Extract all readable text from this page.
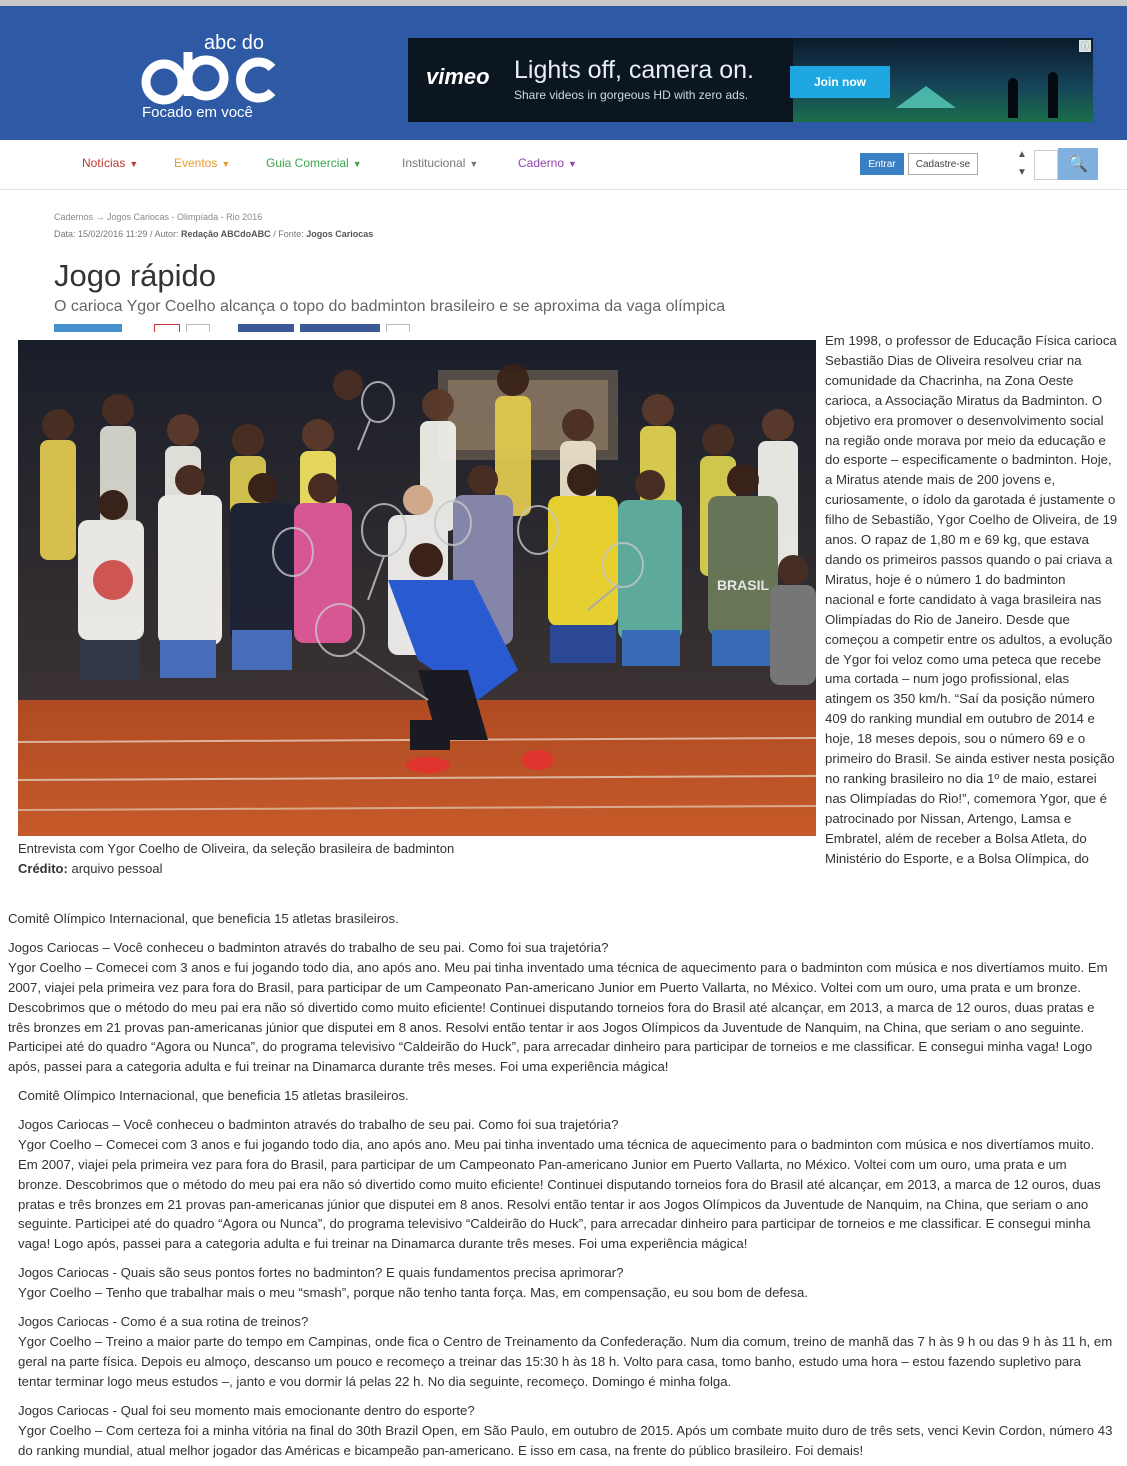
abc do
Focado em você
vimeo Lights off, camera on.
Share videos in gorgeous HD with zero ads.
Join now
ⓘ
Notícias ▼	Eventos ▼	Guia Comercial ▼	Institucional ▼	Caderno ▼	Entrar	Cadastre-se
▲
▼	🔍
Cadernos → Jogos Cariocas - Olimpíada - Rio 2016
Data: 15/02/2016 11:29 / Autor: Redação ABCdoABC / Fonte: Jogos Cariocas
Jogo rápido
O carioca Ygor Coelho alcança o topo do badminton brasileiro e se aproxima da vaga olímpica
BRASIL
Entrevista com Ygor Coelho de Oliveira, da seleção brasileira de badminton
Crédito: arquivo pessoal
Em 1998, o professor de Educação Física carioca Sebastião Dias de Oliveira resolveu criar na comunidade da Chacrinha, na Zona Oeste carioca, a Associação Miratus da Badminton. O objetivo era promover o desenvolvimento social na região onde morava por meio da educação e do esporte – especificamente o badminton. Hoje, a Miratus atende mais de 200 jovens e, curiosamente, o ídolo da garotada é justamente o filho de Sebastião, Ygor Coelho de Oliveira, de 19 anos. O rapaz de 1,80 m e 69 kg, que estava dando os primeiros passos quando o pai criava a Miratus, hoje é o número 1 do badminton nacional e forte candidato à vaga brasileira nas Olimpíadas do Rio de Janeiro. Desde que começou a competir entre os adultos, a evolução de Ygor foi veloz como uma peteca que recebe uma cortada – num jogo profissional, elas atingem os 350 km/h. “Saí da posição número 409 do ranking mundial em outubro de 2014 e hoje, 18 meses depois, sou o número 69 e o primeiro do Brasil. Se ainda estiver nesta posição no ranking brasileiro no dia 1º de maio, estarei nas Olimpíadas do Rio!”, comemora Ygor, que é patrocinado por Nissan, Artengo, Lamsa e Embratel, além de receber a Bolsa Atleta, do Ministério do Esporte, e a Bolsa Olímpica, do

Comitê Olímpico Internacional, que beneficia 15 atletas brasileiros.

Jogos Cariocas – Você conheceu o badminton através do trabalho de seu pai. Como foi sua trajetória?

Ygor Coelho – Comecei com 3 anos e fui jogando todo dia, ano após ano. Meu pai tinha inventado uma técnica de aquecimento para o badminton com música e nos divertíamos muito. Em 2007, viajei pela primeira vez para fora do Brasil, para participar de um Campeonato Pan-americano Junior em Puerto Vallarta, no México. Voltei com um ouro, uma prata e um bronze. Descobrimos que o método do meu pai era não só divertido como muito eficiente! Continuei disputando torneios fora do Brasil até alcançar, em 2013, a marca de 12 ouros, duas pratas e três bronzes em 21 provas pan-americanas júnior que disputei em 8 anos. Resolvi então tentar ir aos Jogos Olímpicos da Juventude de Nanquim, na China, que seriam o ano seguinte. Participei até do quadro “Agora ou Nunca”, do programa televisivo “Caldeirão do Huck”, para arrecadar dinheiro para participar de torneios e me classificar. E consegui minha vaga! Logo após, passei para a categoria adulta e fui treinar na Dinamarca durante três meses. Foi uma experiência mágica!

Comitê Olímpico Internacional, que beneficia 15 atletas brasileiros.

Jogos Cariocas – Você conheceu o badminton através do trabalho de seu pai. Como foi sua trajetória?

Ygor Coelho – Comecei com 3 anos e fui jogando todo dia, ano após ano. Meu pai tinha inventado uma técnica de aquecimento para o badminton com música e nos divertíamos muito. Em 2007, viajei pela primeira vez para fora do Brasil, para participar de um Campeonato Pan-americano Junior em Puerto Vallarta, no México. Voltei com um ouro, uma prata e um bronze. Descobrimos que o método do meu pai era não só divertido como muito eficiente! Continuei disputando torneios fora do Brasil até alcançar, em 2013, a marca de 12 ouros, duas pratas e três bronzes em 21 provas pan-americanas júnior que disputei em 8 anos. Resolvi então tentar ir aos Jogos Olímpicos da Juventude de Nanquim, na China, que seriam o ano seguinte. Participei até do quadro “Agora ou Nunca”, do programa televisivo “Caldeirão do Huck”, para arrecadar dinheiro para participar de torneios e me classificar. E consegui minha vaga! Logo após, passei para a categoria adulta e fui treinar na Dinamarca durante três meses. Foi uma experiência mágica!

Jogos Cariocas - Quais são seus pontos fortes no badminton? E quais fundamentos precisa aprimorar?

Ygor Coelho – Tenho que trabalhar mais o meu “smash”, porque não tenho tanta força. Mas, em compensação, eu sou bom de defesa.

Jogos Cariocas - Como é a sua rotina de treinos?

Ygor Coelho – Treino a maior parte do tempo em Campinas, onde fica o Centro de Treinamento da Confederação. Num dia comum, treino de manhã das 7 h às 9 h ou das 9 h às 11 h, em geral na parte física. Depois eu almoço, descanso um pouco e recomeço a treinar das 15:30 h às 18 h. Volto para casa, tomo banho, estudo uma hora – estou fazendo supletivo para tentar terminar logo meus estudos –, janto e vou dormir lá pelas 22 h. No dia seguinte, recomeço. Domingo é minha folga.

Jogos Cariocas - Qual foi seu momento mais emocionante dentro do esporte?

Ygor Coelho – Com certeza foi a minha vitória na final do 30th Brazil Open, em São Paulo, em outubro de 2015. Após um combate muito duro de três sets, venci Kevin Cordon, número 43 do ranking mundial, atual melhor jogador das Américas e bicampeão pan-americano. E isso em casa, na frente do público brasileiro. Foi demais!
